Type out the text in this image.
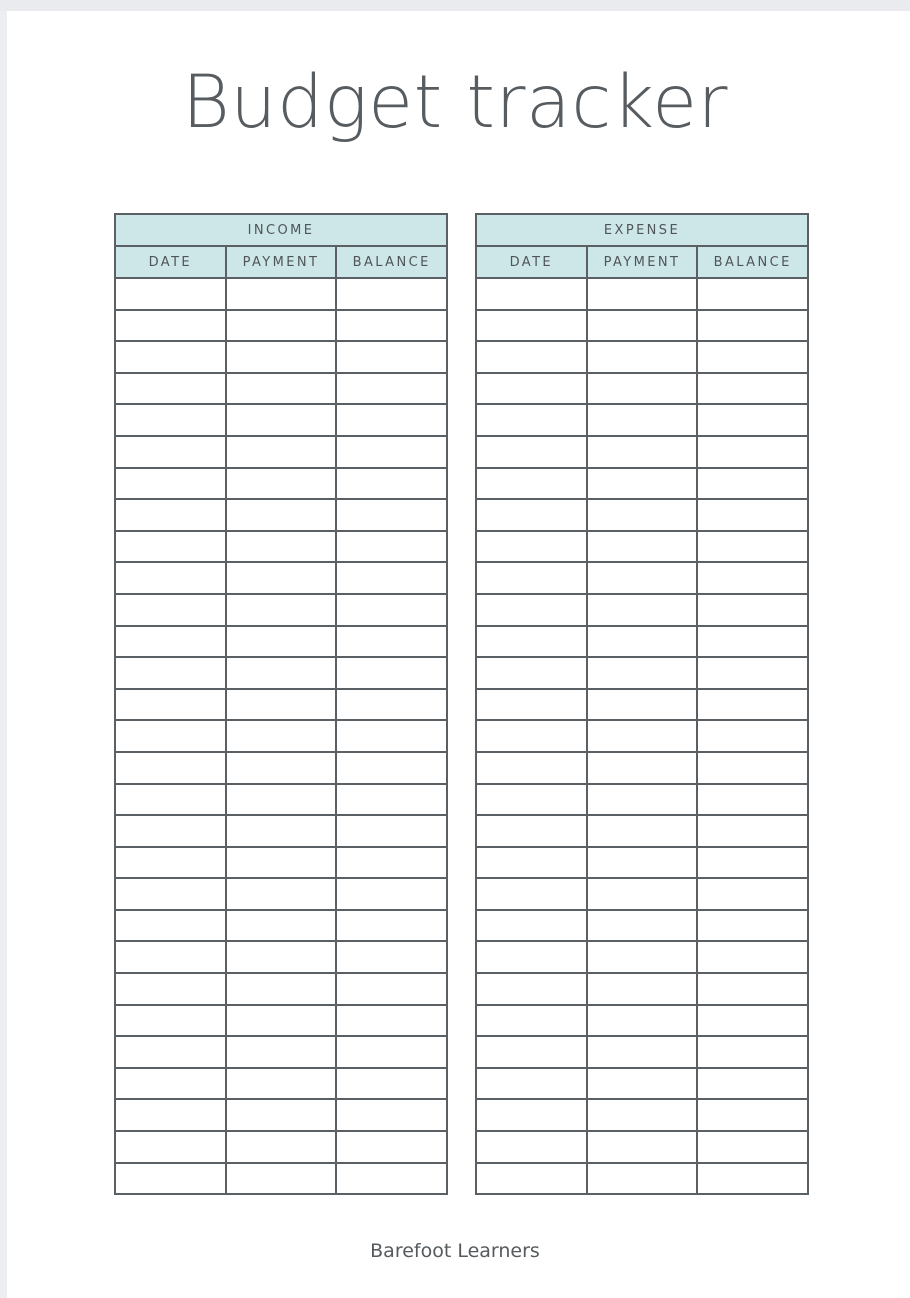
Budget tracker
INCOME		
DATE	PAYMENT	BALANCE

EXPENSE		
DATE	PAYMENT	BALANCE

Barefoot Learners
